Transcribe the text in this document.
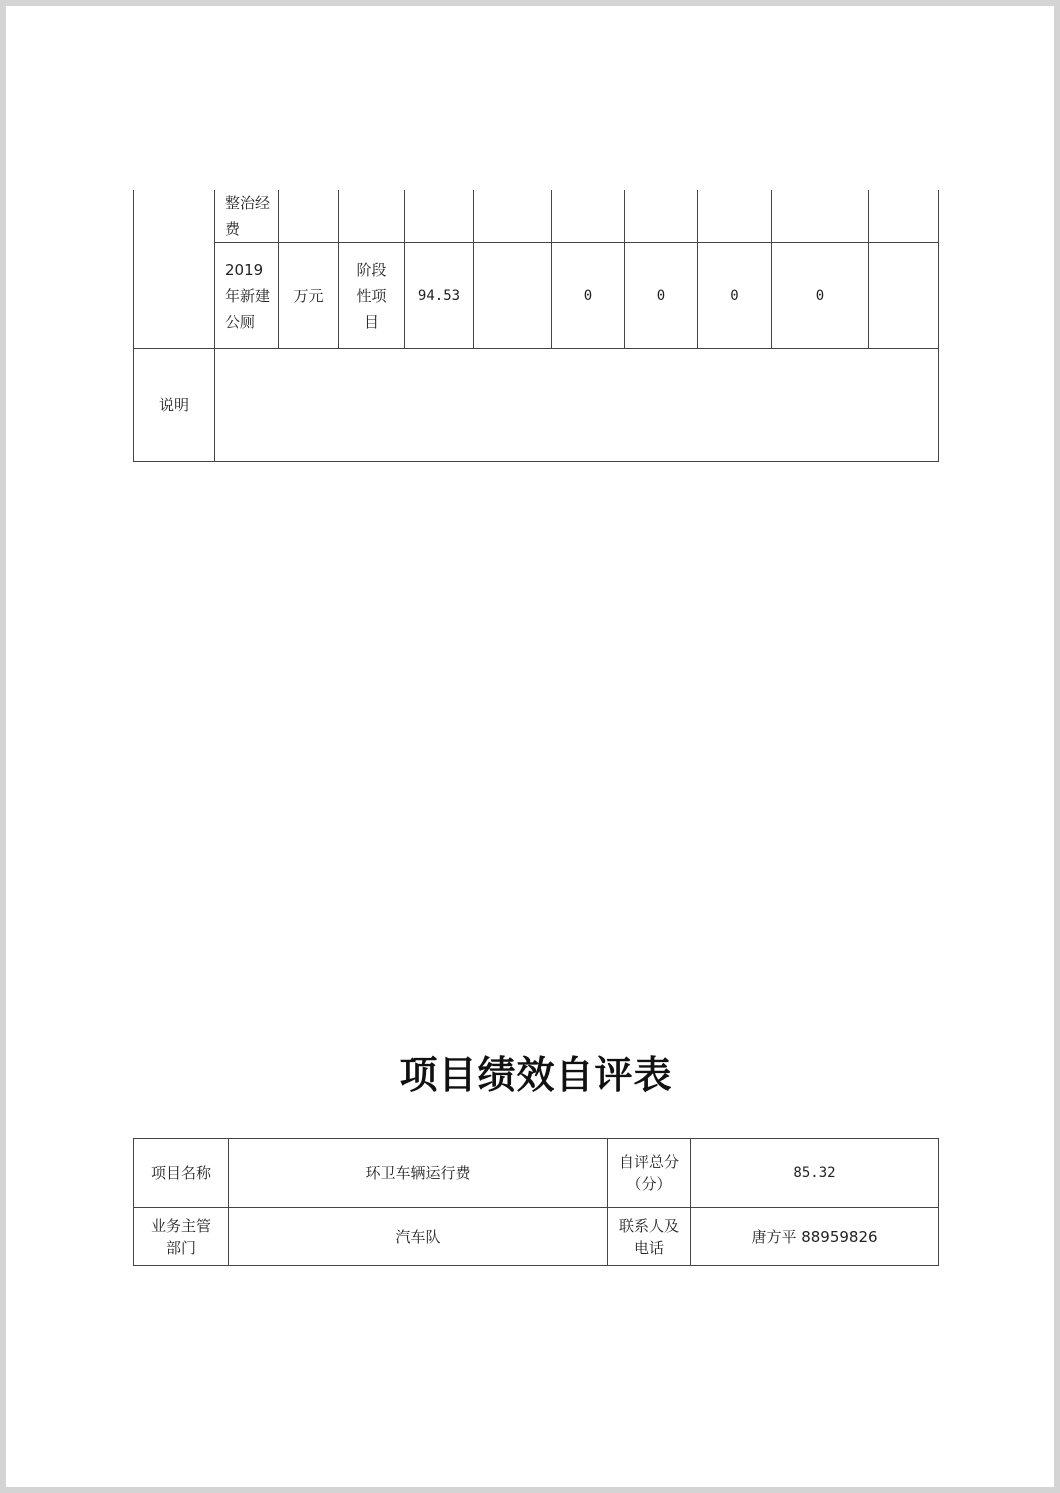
	整治经费									
	2019年新建公厕	万元	阶段性项目	94.53		0	0	0	0	
说明										
项目绩效自评表
项目名称	环卫车辆运行费	自评总分（分）	85.32
业务主管部门	汽车队	联系人及电话	唐方平 88959826
